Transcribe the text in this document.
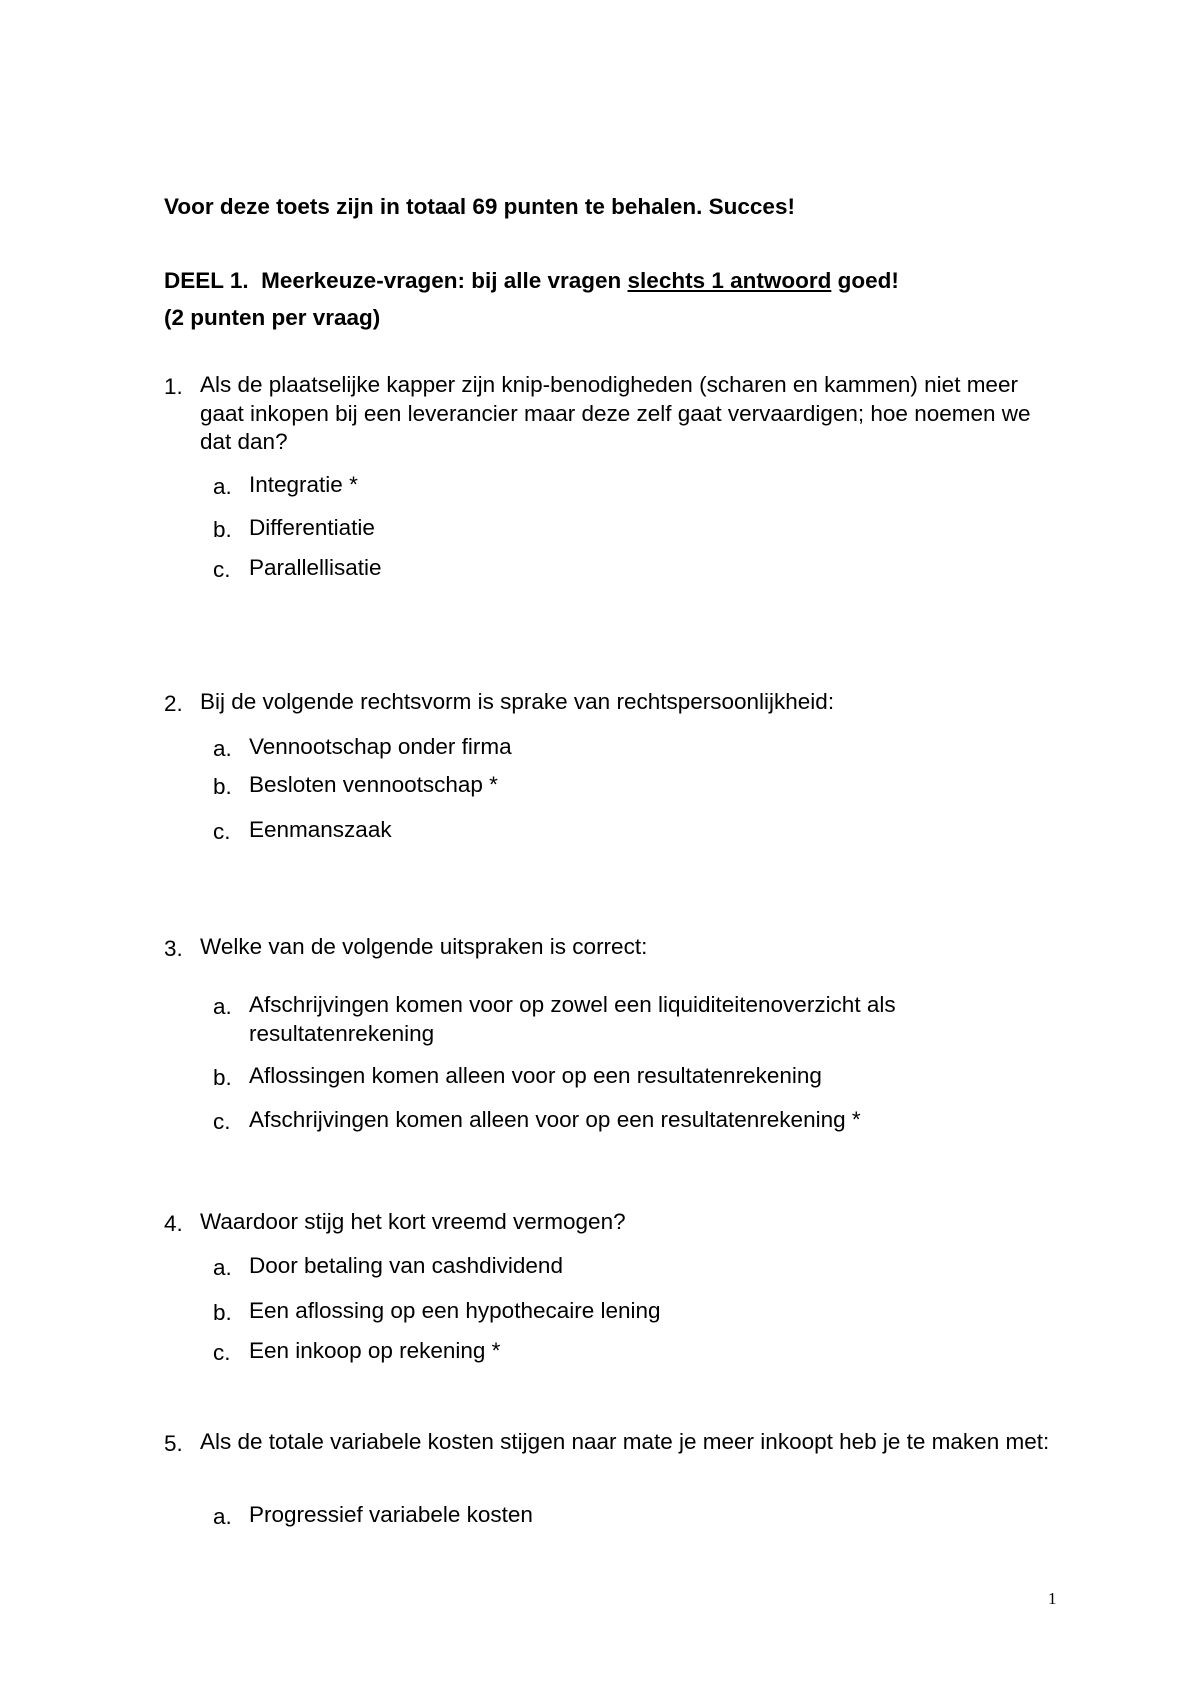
Voor deze toets zijn in totaal 69 punten te behalen. Succes!
DEEL 1. Meerkeuze-vragen: bij alle vragen slechts 1 antwoord goed!
(2 punten per vraag)
1. Als de plaatselijke kapper zijn knip-benodigheden (scharen en kammen) niet meer gaat inkopen bij een leverancier maar deze zelf gaat vervaardigen; hoe noemen we dat dan?
a. Integratie *
b. Differentiatie
c. Parallellisatie
2. Bij de volgende rechtsvorm is sprake van rechtspersoonlijkheid:
a. Vennootschap onder firma
b. Besloten vennootschap *
c. Eenmanszaak
3. Welke van de volgende uitspraken is correct:
a. Afschrijvingen komen voor op zowel een liquiditeitenoverzicht als resultatenrekening
b. Aflossingen komen alleen voor op een resultatenrekening
c. Afschrijvingen komen alleen voor op een resultatenrekening *
4. Waardoor stijg het kort vreemd vermogen?
a. Door betaling van cashdividend
b. Een aflossing op een hypothecaire lening
c. Een inkoop op rekening *
5. Als de totale variabele kosten stijgen naar mate je meer inkoopt heb je te maken met:
a. Progressief variabele kosten
1
